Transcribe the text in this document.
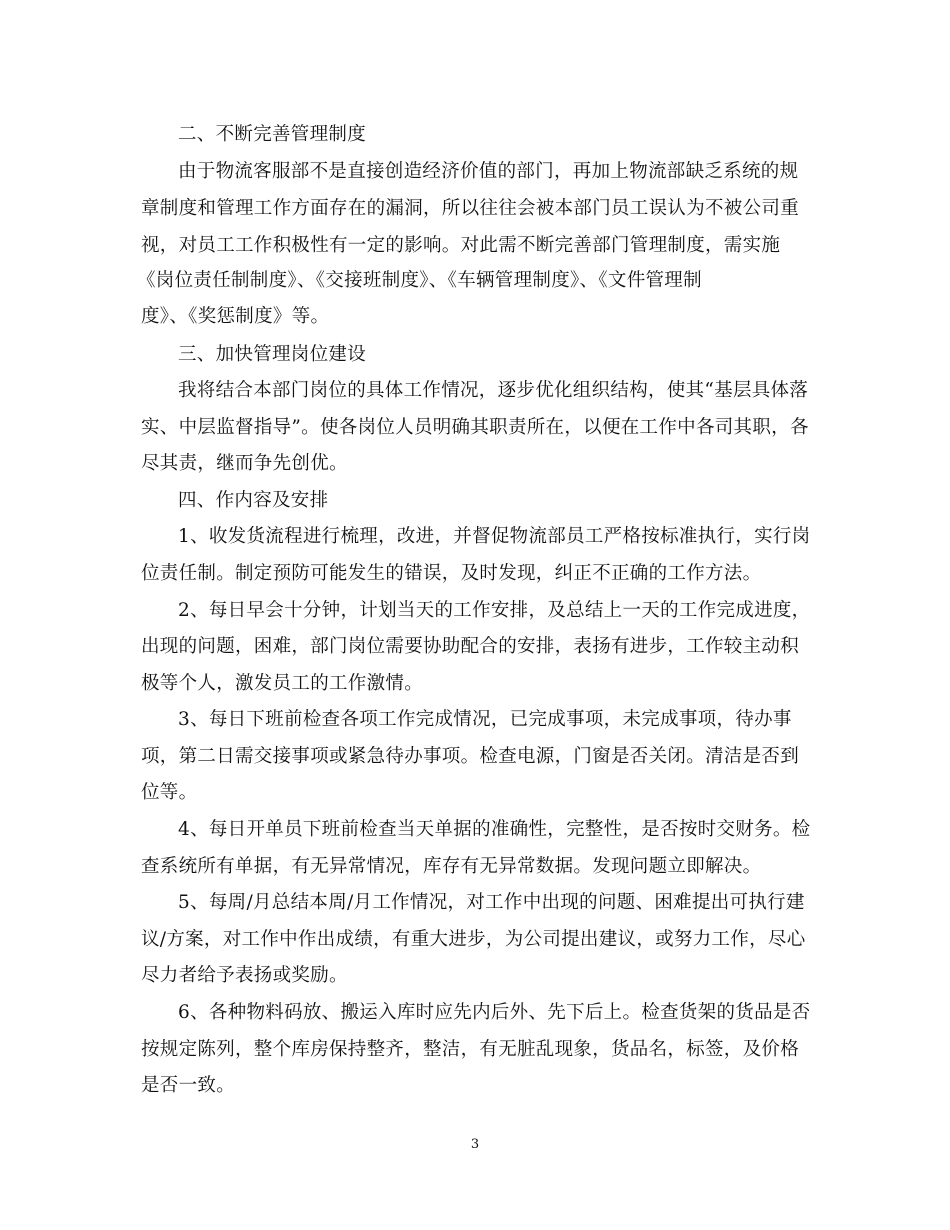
二、不断完善管理制度
由于物流客服部不是直接创造经济价值的部门，再加上物流部缺乏系统的规
章制度和管理工作方面存在的漏洞，所以往往会被本部门员工误认为不被公司重
视，对员工工作积极性有一定的影响。对此需不断完善部门管理制度，需实施
《岗位责任制制度》、《交接班制度》、《车辆管理制度》、《文件管理制
度》、《奖惩制度》等。
三、加快管理岗位建设
我将结合本部门岗位的具体工作情况，逐步优化组织结构，使其“基层具体落
实、中层监督指导”。使各岗位人员明确其职责所在，以便在工作中各司其职，各
尽其责，继而争先创优。
四、作内容及安排
1、收发货流程进行梳理，改进，并督促物流部员工严格按标准执行，实行岗
位责任制。制定预防可能发生的错误，及时发现，纠正不正确的工作方法。
2、每日早会十分钟，计划当天的工作安排，及总结上一天的工作完成进度，
出现的问题，困难，部门岗位需要协助配合的安排，表扬有进步，工作较主动积
极等个人，激发员工的工作激情。
3、每日下班前检查各项工作完成情况，已完成事项，未完成事项，待办事
项，第二日需交接事项或紧急待办事项。检查电源，门窗是否关闭。清洁是否到
位等。
4、每日开单员下班前检查当天单据的准确性，完整性，是否按时交财务。检
查系统所有单据，有无异常情况，库存有无异常数据。发现问题立即解决。
5、每周/月总结本周/月工作情况，对工作中出现的问题、困难提出可执行建
议/方案，对工作中作出成绩，有重大进步，为公司提出建议，或努力工作，尽心
尽力者给予表扬或奖励。
6、各种物料码放、搬运入库时应先内后外、先下后上。检查货架的货品是否
按规定陈列，整个库房保持整齐，整洁，有无脏乱现象，货品名，标签，及价格
是否一致。
3
